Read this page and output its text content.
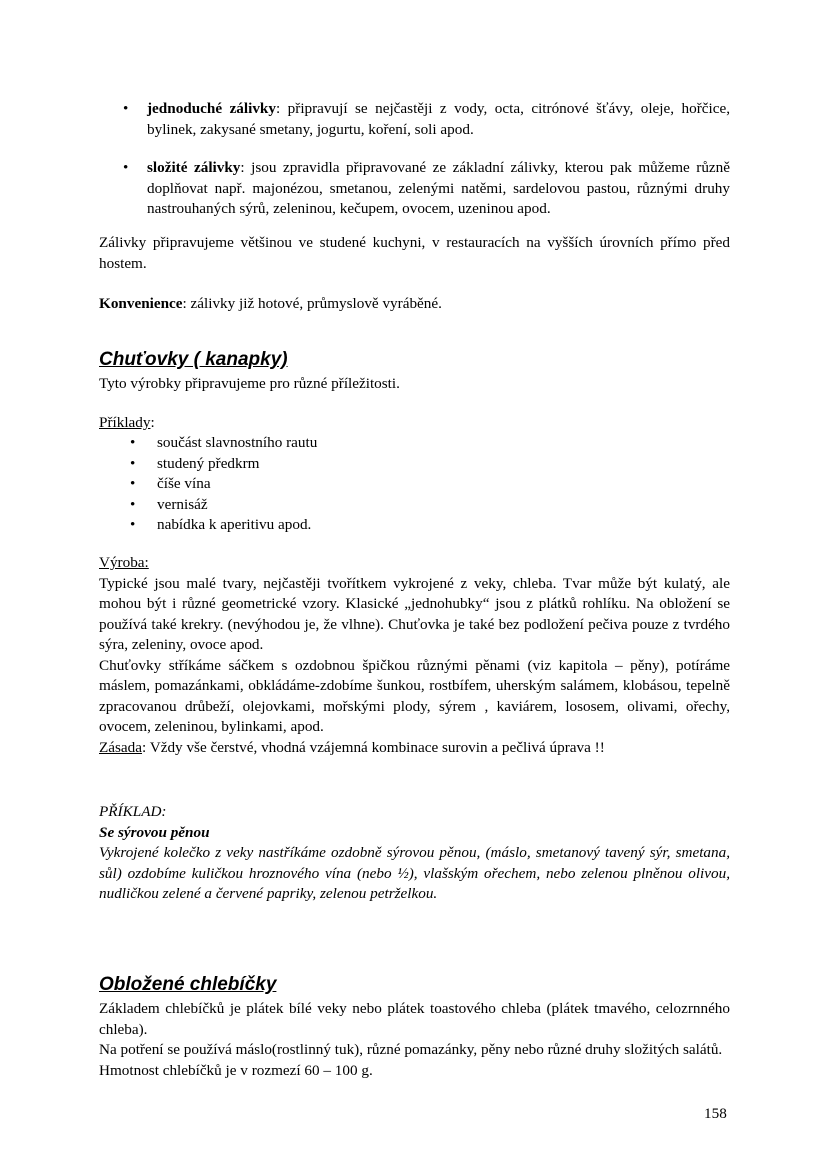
• jednoduché zálivky: připravují se nejčastěji z vody, octa, citrónové šťávy, oleje, hořčice, bylinek, zakysané smetany, jogurtu, koření, soli apod.
• složité zálivky: jsou zpravidla připravované ze základní zálivky, kterou pak můžeme různě doplňovat např. majonézou, smetanou, zelenými natěmi, sardelovou pastou, různými druhy nastrouhaných sýrů, zeleninou, kečupem, ovocem, uzeninou apod.
Zálivky připravujeme většinou ve studené kuchyni, v restauracích na vyšších úrovních přímo před hostem.
Konvenience: zálivky již hotové, průmyslově vyráběné.
Chuťovky ( kanapky)
Tyto výrobky připravujeme pro různé příležitosti.
Příklady:
• součást slavnostního rautu
• studený předkrm
• číše vína
• vernisáž
• nabídka k aperitivu apod.
Výroba:
Typické jsou malé tvary, nejčastěji tvořítkem vykrojené z veky, chleba. Tvar může být kulatý, ale mohou být i různé geometrické vzory. Klasické „jednohubky“ jsou z plátků rohlíku. Na obložení se používá také krekry. (nevýhodou je, že vlhne). Chuťovka je také bez podložení pečiva pouze z tvrdého sýra, zeleniny, ovoce apod.
Chuťovky stříkáme sáčkem s ozdobnou špičkou různými pěnami (viz kapitola – pěny), potíráme máslem, pomazánkami, obkládáme-zdobíme šunkou, rostbífem, uherským salámem, klobásou, tepelně zpracovanou drůbeží, olejovkami, mořskými plody, sýrem , kaviárem, lososem, olivami, ořechy, ovocem, zeleninou, bylinkami, apod.
Zásada: Vždy vše čerstvé, vhodná vzájemná kombinace surovin a pečlivá úprava !!
PŘÍKLAD:
Se sýrovou pěnou
Vykrojené kolečko z veky nastříkáme ozdobně sýrovou pěnou, (máslo, smetanový tavený sýr, smetana, sůl) ozdobíme kuličkou hroznového vína (nebo ½), vlašským ořechem, nebo zelenou plněnou olivou, nudličkou zelené a červené papriky, zelenou petrželkou.
Obložené chlebíčky
Základem chlebíčků je plátek bílé veky nebo plátek toastového chleba (plátek tmavého, celozrnného chleba).
Na potření se používá máslo(rostlinný tuk), různé pomazánky, pěny nebo různé druhy složitých salátů.
Hmotnost chlebíčků je v rozmezí 60 – 100 g.
158
